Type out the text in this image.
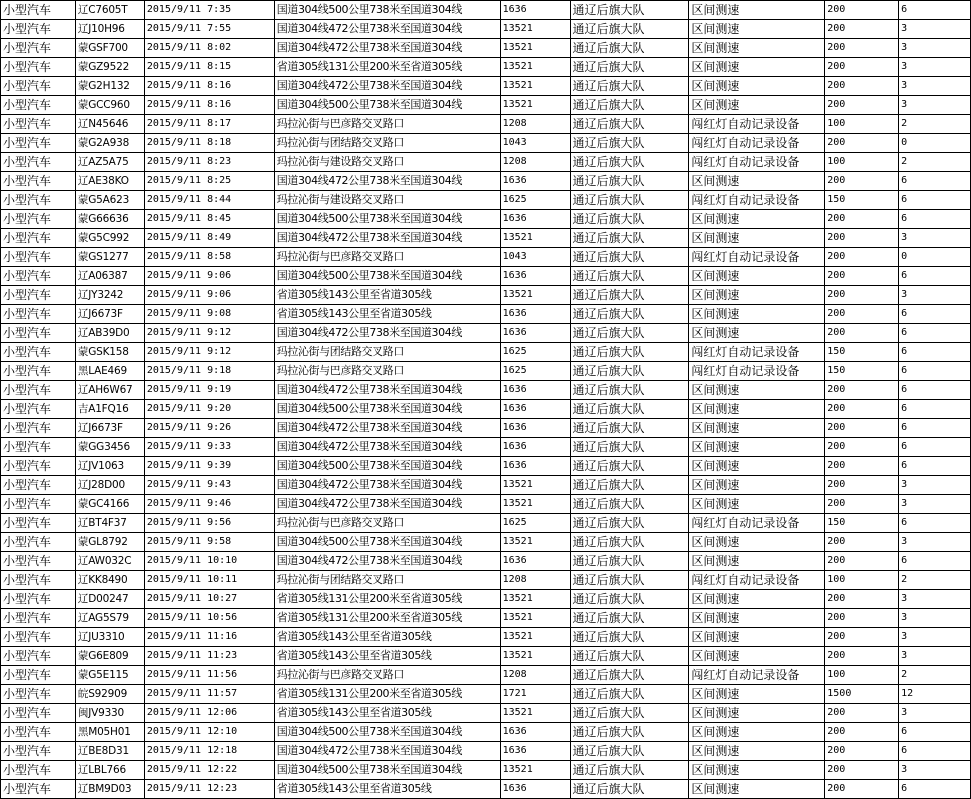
小型汽车	辽C7605T	2015/9/11 7:35	国道304线500公里738米至国道304线	1636	通辽后旗大队	区间测速	200	6
小型汽车	辽J10H96	2015/9/11 7:55	国道304线472公里738米至国道304线	13521	通辽后旗大队	区间测速	200	3
小型汽车	蒙GSF700	2015/9/11 8:02	国道304线472公里738米至国道304线	13521	通辽后旗大队	区间测速	200	3
小型汽车	蒙GZ9522	2015/9/11 8:15	省道305线131公里200米至省道305线	13521	通辽后旗大队	区间测速	200	3
小型汽车	蒙G2H132	2015/9/11 8:16	国道304线472公里738米至国道304线	13521	通辽后旗大队	区间测速	200	3
小型汽车	蒙GCC960	2015/9/11 8:16	国道304线500公里738米至国道304线	13521	通辽后旗大队	区间测速	200	3
小型汽车	辽N45646	2015/9/11 8:17	玛拉沁街与巴彦路交叉路口	1208	通辽后旗大队	闯红灯自动记录设备	100	2
小型汽车	蒙G2A938	2015/9/11 8:18	玛拉沁街与团结路交叉路口	1043	通辽后旗大队	闯红灯自动记录设备	200	0
小型汽车	辽AZ5A75	2015/9/11 8:23	玛拉沁街与建设路交叉路口	1208	通辽后旗大队	闯红灯自动记录设备	100	2
小型汽车	辽AE38KO	2015/9/11 8:25	国道304线472公里738米至国道304线	1636	通辽后旗大队	区间测速	200	6
小型汽车	蒙G5A623	2015/9/11 8:44	玛拉沁街与建设路交叉路口	1625	通辽后旗大队	闯红灯自动记录设备	150	6
小型汽车	蒙G66636	2015/9/11 8:45	国道304线500公里738米至国道304线	1636	通辽后旗大队	区间测速	200	6
小型汽车	蒙G5C992	2015/9/11 8:49	国道304线472公里738米至国道304线	13521	通辽后旗大队	区间测速	200	3
小型汽车	蒙GS1277	2015/9/11 8:58	玛拉沁街与巴彦路交叉路口	1043	通辽后旗大队	闯红灯自动记录设备	200	0
小型汽车	辽A06387	2015/9/11 9:06	国道304线500公里738米至国道304线	1636	通辽后旗大队	区间测速	200	6
小型汽车	辽JY3242	2015/9/11 9:06	省道305线143公里至省道305线	13521	通辽后旗大队	区间测速	200	3
小型汽车	辽J6673F	2015/9/11 9:08	省道305线143公里至省道305线	1636	通辽后旗大队	区间测速	200	6
小型汽车	辽AB39D0	2015/9/11 9:12	国道304线472公里738米至国道304线	1636	通辽后旗大队	区间测速	200	6
小型汽车	蒙GSK158	2015/9/11 9:12	玛拉沁街与团结路交叉路口	1625	通辽后旗大队	闯红灯自动记录设备	150	6
小型汽车	黑LAE469	2015/9/11 9:18	玛拉沁街与巴彦路交叉路口	1625	通辽后旗大队	闯红灯自动记录设备	150	6
小型汽车	辽AH6W67	2015/9/11 9:19	国道304线472公里738米至国道304线	1636	通辽后旗大队	区间测速	200	6
小型汽车	吉A1FQ16	2015/9/11 9:20	国道304线500公里738米至国道304线	1636	通辽后旗大队	区间测速	200	6
小型汽车	辽J6673F	2015/9/11 9:26	国道304线472公里738米至国道304线	1636	通辽后旗大队	区间测速	200	6
小型汽车	蒙GG3456	2015/9/11 9:33	国道304线472公里738米至国道304线	1636	通辽后旗大队	区间测速	200	6
小型汽车	辽JV1063	2015/9/11 9:39	国道304线500公里738米至国道304线	1636	通辽后旗大队	区间测速	200	6
小型汽车	辽J28D00	2015/9/11 9:43	国道304线472公里738米至国道304线	13521	通辽后旗大队	区间测速	200	3
小型汽车	蒙GC4166	2015/9/11 9:46	国道304线472公里738米至国道304线	13521	通辽后旗大队	区间测速	200	3
小型汽车	辽BT4F37	2015/9/11 9:56	玛拉沁街与巴彦路交叉路口	1625	通辽后旗大队	闯红灯自动记录设备	150	6
小型汽车	蒙GL8792	2015/9/11 9:58	国道304线500公里738米至国道304线	13521	通辽后旗大队	区间测速	200	3
小型汽车	辽AW032C	2015/9/11 10:10	国道304线472公里738米至国道304线	1636	通辽后旗大队	区间测速	200	6
小型汽车	辽KK8490	2015/9/11 10:11	玛拉沁街与团结路交叉路口	1208	通辽后旗大队	闯红灯自动记录设备	100	2
小型汽车	辽D00247	2015/9/11 10:27	省道305线131公里200米至省道305线	13521	通辽后旗大队	区间测速	200	3
小型汽车	辽AG5S79	2015/9/11 10:56	省道305线131公里200米至省道305线	13521	通辽后旗大队	区间测速	200	3
小型汽车	辽JU3310	2015/9/11 11:16	省道305线143公里至省道305线	13521	通辽后旗大队	区间测速	200	3
小型汽车	蒙G6E809	2015/9/11 11:23	省道305线143公里至省道305线	13521	通辽后旗大队	区间测速	200	3
小型汽车	蒙G5E115	2015/9/11 11:56	玛拉沁街与巴彦路交叉路口	1208	通辽后旗大队	闯红灯自动记录设备	100	2
小型汽车	皖S92909	2015/9/11 11:57	省道305线131公里200米至省道305线	1721	通辽后旗大队	区间测速	1500	12
小型汽车	闽JV9330	2015/9/11 12:06	省道305线143公里至省道305线	13521	通辽后旗大队	区间测速	200	3
小型汽车	黑M05H01	2015/9/11 12:10	国道304线500公里738米至国道304线	1636	通辽后旗大队	区间测速	200	6
小型汽车	辽BE8D31	2015/9/11 12:18	国道304线472公里738米至国道304线	1636	通辽后旗大队	区间测速	200	6
小型汽车	辽LBL766	2015/9/11 12:22	国道304线500公里738米至国道304线	13521	通辽后旗大队	区间测速	200	3
小型汽车	辽BM9D03	2015/9/11 12:23	省道305线143公里至省道305线	1636	通辽后旗大队	区间测速	200	6
